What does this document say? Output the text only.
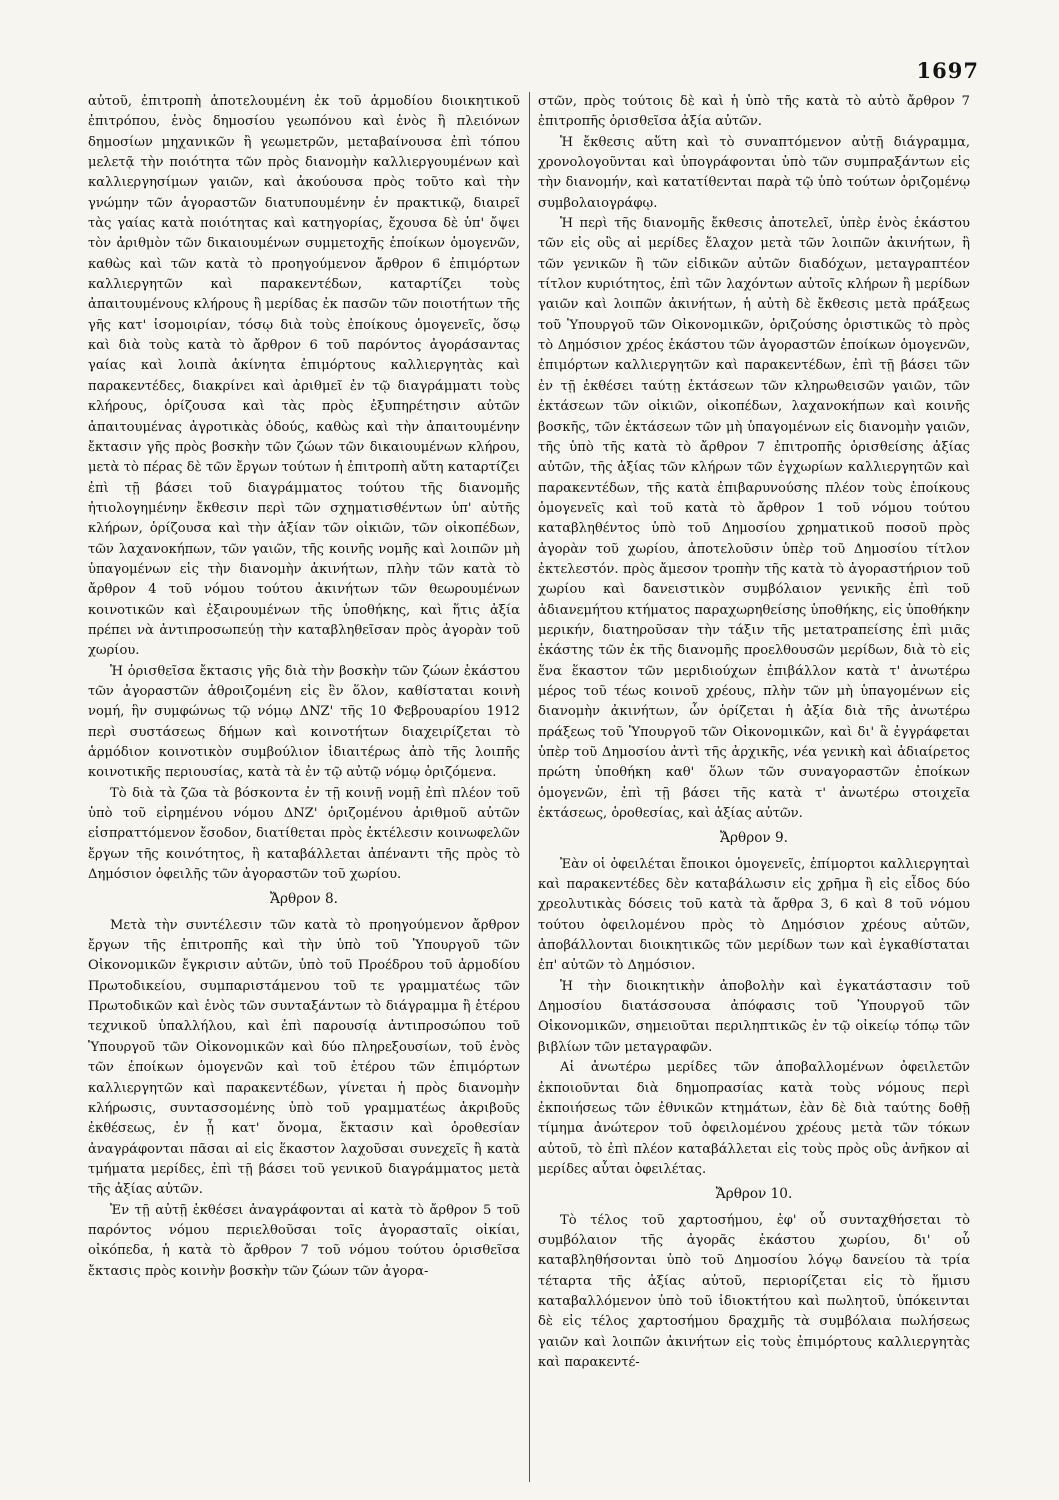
1697

αὐτοῦ, ἐπιτροπὴ ἀποτελουμένη ἐκ τοῦ ἁρμοδίου διοικητικοῦ ἐπιτρόπου, ἑνὸς δημοσίου γεωπόνου καὶ ἑνὸς ἢ πλειόνων δημοσίων μηχανικῶν ἢ γεωμετρῶν, μεταβαίνουσα ἐπὶ τόπου μελετᾷ τὴν ποιότητα τῶν πρὸς διανομὴν καλλιεργουμένων καὶ καλλιεργησίμων γαιῶν, καὶ ἀκούουσα πρὸς τοῦτο καὶ τὴν γνώμην τῶν ἀγοραστῶν διατυπουμένην ἐν πρακτικῷ, διαιρεῖ τὰς γαίας κατὰ ποιότητας καὶ κατηγορίας, ἔχουσα δὲ ὑπ' ὄψει τὸν ἀριθμὸν τῶν δικαιουμένων συμμετοχῆς ἐποίκων ὁμογενῶν, καθὼς καὶ τῶν κατὰ τὸ προηγούμενον ἄρθρον 6 ἐπιμόρτων καλλιεργητῶν καὶ παρακεντέδων, καταρτίζει τοὺς ἀπαιτουμένους κλήρους ἢ μερίδας ἐκ πασῶν τῶν ποιοτήτων τῆς γῆς κατ' ἰσομοιρίαν, τόσῳ διὰ τοὺς ἐποίκους ὁμογενεῖς, ὅσῳ καὶ διὰ τοὺς κατὰ τὸ ἄρθρον 6 τοῦ παρόντος ἀγοράσαντας γαίας καὶ λοιπὰ ἀκίνητα ἐπιμόρτους καλλιεργητὰς καὶ παρακεντέδες, διακρίνει καὶ ἀριθμεῖ ἐν τῷ διαγράμματι τοὺς κλήρους, ὁρίζουσα καὶ τὰς πρὸς ἐξυπηρέτησιν αὐτῶν ἀπαιτουμένας ἀγροτικὰς ὁδούς, καθὼς καὶ τὴν ἀπαιτουμένην ἔκτασιν γῆς πρὸς βοσκὴν τῶν ζώων τῶν δικαιουμένων κλήρου, μετὰ τὸ πέρας δὲ τῶν ἔργων τούτων ἡ ἐπιτροπὴ αὕτη καταρτίζει ἐπὶ τῇ βάσει τοῦ διαγράμματος τούτου τῆς διανομῆς ἠτιολογημένην ἔκθεσιν περὶ τῶν σχηματισθέντων ὑπ' αὐτῆς κλήρων, ὁρίζουσα καὶ τὴν ἀξίαν τῶν οἰκιῶν, τῶν οἰκοπέδων, τῶν λαχανοκήπων, τῶν γαιῶν, τῆς κοινῆς νομῆς καὶ λοιπῶν μὴ ὑπαγομένων εἰς τὴν διανομὴν ἀκινήτων, πλὴν τῶν κατὰ τὸ ἄρθρον 4 τοῦ νόμου τούτου ἀκινήτων τῶν θεωρουμένων κοινοτικῶν καὶ ἐξαιρουμένων τῆς ὑποθήκης, καὶ ἥτις ἀξία πρέπει νὰ ἀντιπροσωπεύῃ τὴν καταβληθεῖσαν πρὸς ἀγορὰν τοῦ χωρίου.

Ἡ ὁρισθεῖσα ἔκτασις γῆς διὰ τὴν βοσκὴν τῶν ζώων ἑκάστου τῶν ἀγοραστῶν ἀθροιζομένη εἰς ἓν ὅλον, καθίσταται κοινὴ νομή, ἣν συμφώνως τῷ νόμῳ ΔΝΖ' τῆς 10 Φεβρουαρίου 1912 περὶ συστάσεως δήμων καὶ κοινοτήτων διαχειρίζεται τὸ ἁρμόδιον κοινοτικὸν συμβούλιον ἰδιαιτέρως ἀπὸ τῆς λοιπῆς κοινοτικῆς περιουσίας, κατὰ τὰ ἐν τῷ αὐτῷ νόμῳ ὁριζόμενα.

Τὸ διὰ τὰ ζῶα τὰ βόσκοντα ἐν τῇ κοινῇ νομῇ ἐπὶ πλέον τοῦ ὑπὸ τοῦ εἰρημένου νόμου ΔΝΖ' ὁριζομένου ἀριθμοῦ αὐτῶν εἰσπραττόμενον ἔσοδον, διατίθεται πρὸς ἐκτέλεσιν κοινωφελῶν ἔργων τῆς κοινότητος, ἢ καταβάλλεται ἀπέναντι τῆς πρὸς τὸ Δημόσιον ὀφειλῆς τῶν ἀγοραστῶν τοῦ χωρίου.

Ἄρθρον 8.

Μετὰ τὴν συντέλεσιν τῶν κατὰ τὸ προηγούμενον ἄρθρον ἔργων τῆς ἐπιτροπῆς καὶ τὴν ὑπὸ τοῦ Ὑπουργοῦ τῶν Οἰκονομικῶν ἔγκρισιν αὐτῶν, ὑπὸ τοῦ Προέδρου τοῦ ἁρμοδίου Πρωτοδικείου, συμπαριστάμενου τοῦ τε γραμματέως τῶν Πρωτοδικῶν καὶ ἑνὸς τῶν συνταξάντων τὸ διάγραμμα ἢ ἑτέρου τεχνικοῦ ὑπαλλήλου, καὶ ἐπὶ παρουσίᾳ ἀντιπροσώπου τοῦ Ὑπουργοῦ τῶν Οἰκονομικῶν καὶ δύο πληρεξουσίων, τοῦ ἑνὸς τῶν ἐποίκων ὁμογενῶν καὶ τοῦ ἑτέρου τῶν ἐπιμόρτων καλλιεργητῶν καὶ παρακεντέδων, γίνεται ἡ πρὸς διανομὴν κλήρωσις, συντασσομένης ὑπὸ τοῦ γραμματέως ἀκριβοῦς ἐκθέσεως, ἐν ᾗ κατ' ὄνομα, ἔκτασιν καὶ ὁροθεσίαν ἀναγράφονται πᾶσαι αἱ εἰς ἕκαστον λαχοῦσαι συνεχεῖς ἢ κατὰ τμήματα μερίδες, ἐπὶ τῇ βάσει τοῦ γενικοῦ διαγράμματος μετὰ τῆς ἀξίας αὐτῶν.

Ἐν τῇ αὐτῇ ἐκθέσει ἀναγράφονται αἱ κατὰ τὸ ἄρθρον 5 τοῦ παρόντος νόμου περιελθοῦσαι τοῖς ἀγορασταῖς οἰκίαι, οἰκόπεδα, ἡ κατὰ τὸ ἄρθρον 7 τοῦ νόμου τούτου ὁρισθεῖσα ἔκτασις πρὸς κοινὴν βοσκὴν τῶν ζώων τῶν ἀγορα-

στῶν, πρὸς τούτοις δὲ καὶ ἡ ὑπὸ τῆς κατὰ τὸ αὐτὸ ἄρθρον 7 ἐπιτροπῆς ὁρισθεῖσα ἀξία αὐτῶν.

Ἡ ἔκθεσις αὕτη καὶ τὸ συναπτόμενον αὐτῇ διάγραμμα, χρονολογοῦνται καὶ ὑπογράφονται ὑπὸ τῶν συμπραξάντων εἰς τὴν διανομήν, καὶ κατατίθενται παρὰ τῷ ὑπὸ τούτων ὁριζομένῳ συμβολαιογράφῳ.

Ἡ περὶ τῆς διανομῆς ἔκθεσις ἀποτελεῖ, ὑπὲρ ἑνὸς ἑκάστου τῶν εἰς οὓς αἱ μερίδες ἔλαχον μετὰ τῶν λοιπῶν ἀκινήτων, ἢ τῶν γενικῶν ἢ τῶν εἰδικῶν αὐτῶν διαδόχων, μεταγραπτέον τίτλον κυριότητος, ἐπὶ τῶν λαχόντων αὐτοῖς κλήρων ἢ μερίδων γαιῶν καὶ λοιπῶν ἀκινήτων, ἡ αὐτὴ δὲ ἔκθεσις μετὰ πράξεως τοῦ Ὑπουργοῦ τῶν Οἰκονομικῶν, ὁριζούσης ὁριστικῶς τὸ πρὸς τὸ Δημόσιον χρέος ἑκάστου τῶν ἀγοραστῶν ἐποίκων ὁμογενῶν, ἐπιμόρτων καλλιεργητῶν καὶ παρακεντέδων, ἐπὶ τῇ βάσει τῶν ἐν τῇ ἐκθέσει ταύτῃ ἐκτάσεων τῶν κληρωθεισῶν γαιῶν, τῶν ἐκτάσεων τῶν οἰκιῶν, οἰκοπέδων, λαχανοκήπων καὶ κοινῆς βοσκῆς, τῶν ἐκτάσεων τῶν μὴ ὑπαγομένων εἰς διανομὴν γαιῶν, τῆς ὑπὸ τῆς κατὰ τὸ ἄρθρον 7 ἐπιτροπῆς ὁρισθείσης ἀξίας αὐτῶν, τῆς ἀξίας τῶν κλήρων τῶν ἐγχωρίων καλλιεργητῶν καὶ παρακεντέδων, τῆς κατὰ ἐπιβαρυνούσης πλέον τοὺς ἐποίκους ὁμογενεῖς καὶ τοῦ κατὰ τὸ ἄρθρον 1 τοῦ νόμου τούτου καταβληθέντος ὑπὸ τοῦ Δημοσίου χρηματικοῦ ποσοῦ πρὸς ἀγορὰν τοῦ χωρίου, ἀποτελοῦσιν ὑπὲρ τοῦ Δημοσίου τίτλον ἐκτελεστόν. πρὸς ἄμεσον τροπὴν τῆς κατὰ τὸ ἀγοραστήριον τοῦ χωρίου καὶ δανειστικὸν συμβόλαιον γενικῆς ἐπὶ τοῦ ἀδιανεμήτου κτήματος παραχωρηθείσης ὑποθήκης, εἰς ὑποθήκην μερικήν, διατηροῦσαν τὴν τάξιν τῆς μετατραπείσης ἐπὶ μιᾶς ἑκάστης τῶν ἐκ τῆς διανομῆς προελθουσῶν μερίδων, διὰ τὸ εἰς ἕνα ἕκαστον τῶν μεριδιούχων ἐπιβάλλον κατὰ τ' ἀνωτέρω μέρος τοῦ τέως κοινοῦ χρέους, πλὴν τῶν μὴ ὑπαγομένων εἰς διανομὴν ἀκινήτων, ὧν ὁρίζεται ἡ ἀξία διὰ τῆς ἀνωτέρω πράξεως τοῦ Ὑπουργοῦ τῶν Οἰκονομικῶν, καὶ δι' ἃ ἐγγράφεται ὑπὲρ τοῦ Δημοσίου ἀντὶ τῆς ἀρχικῆς, νέα γενικὴ καὶ ἀδιαίρετος πρώτη ὑποθήκη καθ' ὅλων τῶν συναγοραστῶν ἐποίκων ὁμογενῶν, ἐπὶ τῇ βάσει τῆς κατὰ τ' ἀνωτέρω στοιχεῖα ἐκτάσεως, ὁροθεσίας, καὶ ἀξίας αὐτῶν.

Ἄρθρον 9.

Ἐὰν οἱ ὀφειλέται ἔποικοι ὁμογενεῖς, ἐπίμορτοι καλλιεργηταὶ καὶ παρακεντέδες δὲν καταβάλωσιν εἰς χρῆμα ἢ εἰς εἶδος δύο χρεολυτικὰς δόσεις τοῦ κατὰ τὰ ἄρθρα 3, 6 καὶ 8 τοῦ νόμου τούτου ὀφειλομένου πρὸς τὸ Δημόσιον χρέους αὐτῶν, ἀποβάλλονται διοικητικῶς τῶν μερίδων των καὶ ἐγκαθίσταται ἐπ' αὐτῶν τὸ Δημόσιον.

Ἡ τὴν διοικητικὴν ἀποβολὴν καὶ ἐγκατάστασιν τοῦ Δημοσίου διατάσσουσα ἀπόφασις τοῦ Ὑπουργοῦ τῶν Οἰκονομικῶν, σημειοῦται περιληπτικῶς ἐν τῷ οἰκείῳ τόπῳ τῶν βιβλίων τῶν μεταγραφῶν.

Αἱ ἀνωτέρω μερίδες τῶν ἀποβαλλομένων ὀφειλετῶν ἐκποιοῦνται διὰ δημοπρασίας κατὰ τοὺς νόμους περὶ ἐκποιήσεως τῶν ἐθνικῶν κτημάτων, ἐὰν δὲ διὰ ταύτης δοθῇ τίμημα ἀνώτερον τοῦ ὀφειλομένου χρέους μετὰ τῶν τόκων αὐτοῦ, τὸ ἐπὶ πλέον καταβάλλεται εἰς τοὺς πρὸς οὓς ἀνῆκον αἱ μερίδες αὗται ὀφειλέτας.

Ἄρθρον 10.

Τὸ τέλος τοῦ χαρτοσήμου, ἐφ' οὗ συνταχθήσεται τὸ συμβόλαιον τῆς ἀγορᾶς ἑκάστου χωρίου, δι' οὗ καταβληθήσονται ὑπὸ τοῦ Δημοσίου λόγῳ δανείου τὰ τρία τέταρτα τῆς ἀξίας αὐτοῦ, περιορίζεται εἰς τὸ ἥμισυ καταβαλλόμενον ὑπὸ τοῦ ἰδιοκτήτου καὶ πωλητοῦ, ὑπόκεινται δὲ εἰς τέλος χαρτοσήμου δραχμῆς τὰ συμβόλαια πωλήσεως γαιῶν καὶ λοιπῶν ἀκινήτων εἰς τοὺς ἐπιμόρτους καλλιεργητὰς καὶ παρακεντέ-
